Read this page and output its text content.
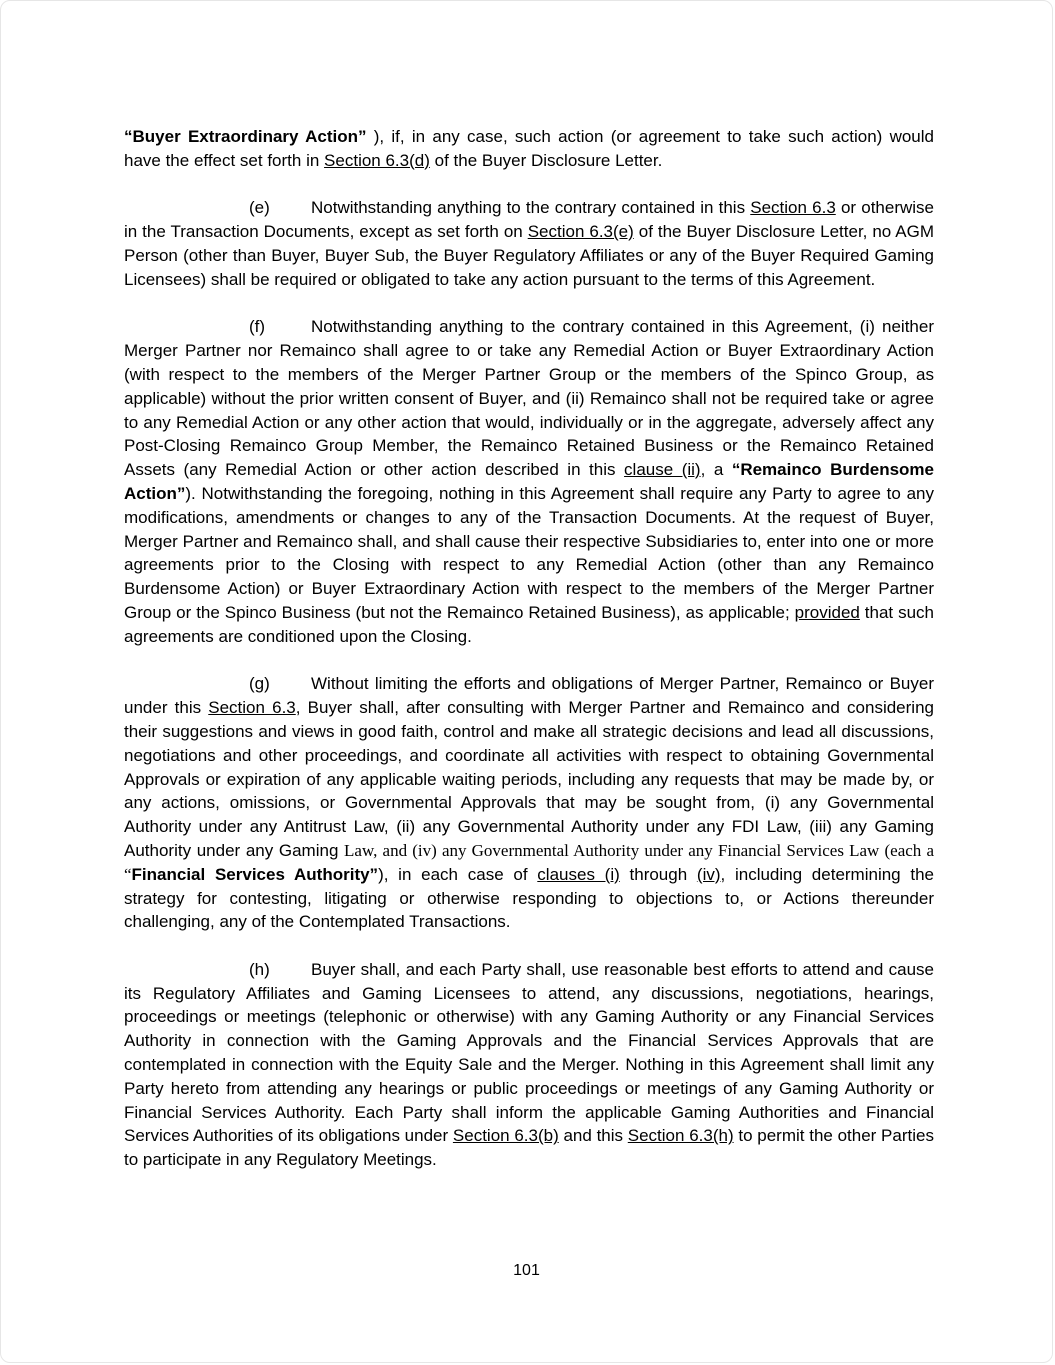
“Buyer Extraordinary Action” ), if, in any case, such action (or agreement to take such action) would have the effect set forth in Section 6.3(d) of the Buyer Disclosure Letter.

(e) Notwithstanding anything to the contrary contained in this Section 6.3 or otherwise in the Transaction Documents, except as set forth on Section 6.3(e) of the Buyer Disclosure Letter, no AGM Person (other than Buyer, Buyer Sub, the Buyer Regulatory Affiliates or any of the Buyer Required Gaming Licensees) shall be required or obligated to take any action pursuant to the terms of this Agreement.

(f)	Notwithstanding anything to the contrary contained in this Agreement, (i) neither Merger Partner nor Remainco shall agree to or take any Remedial Action or Buyer Extraordinary Action (with respect to the members of the Merger Partner Group or the members of the Spinco Group, as applicable) without the prior written consent of Buyer, and (ii) Remainco shall not be required take or agree to any Remedial Action or any other action that would, individually or in the aggregate, adversely affect any Post-Closing Remainco Group Member, the Remainco Retained Business or the Remainco Retained Assets (any Remedial Action or other action described in this clause (ii), a “Remainco Burdensome Action”). Notwithstanding the foregoing, nothing in this Agreement shall require any Party to agree to any modifications, amendments or changes to any of the Transaction Documents. At the request of Buyer, Merger Partner and Remainco shall, and shall cause their respective Subsidiaries to, enter into one or more agreements prior to the Closing with respect to any Remedial Action (other than any Remainco Burdensome Action) or Buyer Extraordinary Action with respect to the members of the Merger Partner Group or the Spinco Business (but not the Remainco Retained Business), as applicable; provided that such agreements are conditioned upon the Closing.

(g) Without limiting the efforts and obligations of Merger Partner, Remainco or Buyer under this Section 6.3, Buyer shall, after consulting with Merger Partner and Remainco and considering their suggestions and views in good faith, control and make all strategic decisions and lead all discussions, negotiations and other proceedings, and coordinate all activities with respect to obtaining Governmental Approvals or expiration of any applicable waiting periods, including any requests that may be made by, or any actions, omissions, or Governmental Approvals that may be sought from, (i) any Governmental Authority under any Antitrust Law, (ii) any Governmental Authority under any FDI Law, (iii) any Gaming Authority under any Gaming Law, and (iv) any Governmental Authority under any Financial Services Law (each a “Financial Services Authority”), in each case of clauses (i) through (iv), including determining the strategy for contesting, litigating or otherwise responding to objections to, or Actions thereunder challenging, any of the Contemplated Transactions.

(h) Buyer shall, and each Party shall, use reasonable best efforts to attend and cause its Regulatory Affiliates and Gaming Licensees to attend, any discussions, negotiations, hearings, proceedings or meetings (telephonic or otherwise) with any Gaming Authority or any Financial Services Authority in connection with the Gaming Approvals and the Financial Services Approvals that are contemplated in connection with the Equity Sale and the Merger. Nothing in this Agreement shall limit any Party hereto from attending any hearings or public proceedings or meetings of any Gaming Authority or Financial Services Authority. Each Party shall inform the applicable Gaming Authorities and Financial Services Authorities of its obligations under Section 6.3(b) and this Section 6.3(h) to permit the other Parties to participate in any Regulatory Meetings.

101
